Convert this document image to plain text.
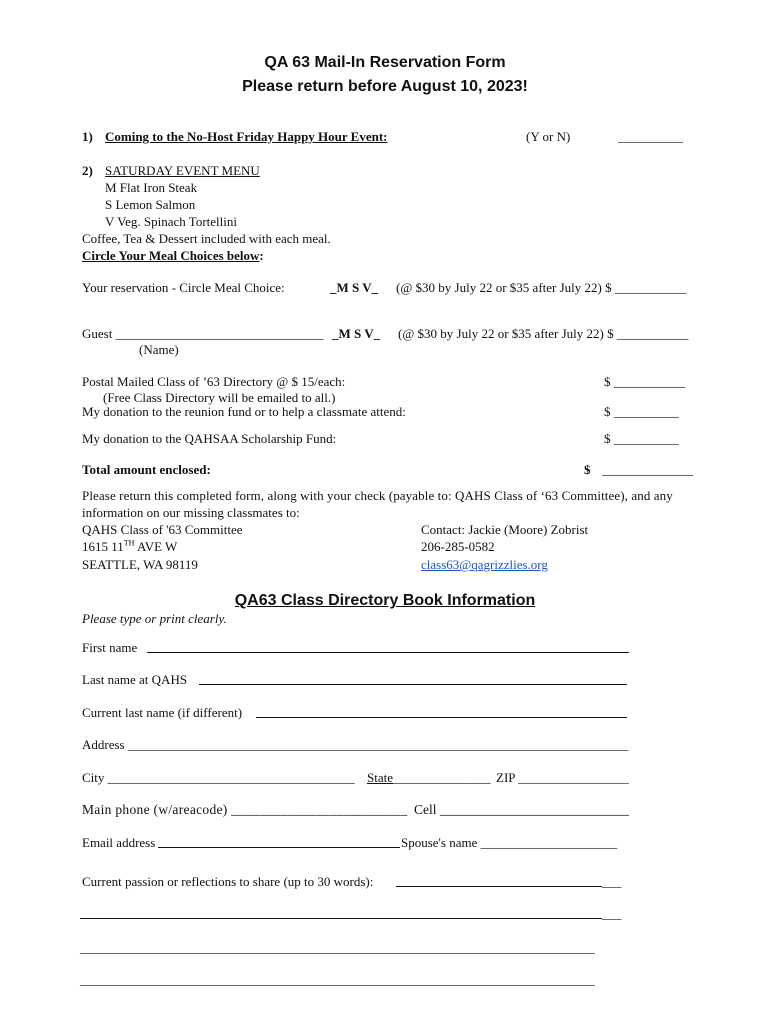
QA 63 Mail-In Reservation Form
Please return before August 10, 2023!
1) Coming to the No-Host Friday Happy Hour Event:	(Y or N)	__________
2) SATURDAY EVENT MENU
M Flat Iron Steak
S Lemon Salmon
V Veg. Spinach Tortellini
Coffee, Tea & Dessert included with each meal.
Circle Your Meal Choices below:
Your reservation - Circle Meal Choice:	_M S V_ (@ $30 by July 22 or $35 after July 22) $ ___________
Guest ________________________________ _M S V_ (@ $30 by July 22 or $35 after July 22) $ ___________
(Name)
Postal Mailed Class of ’63 Directory @ $ 15/each:	$ ___________
(Free Class Directory will be emailed to all.)
My donation to the reunion fund or to help a classmate attend:	$ __________
My donation to the QAHSAA Scholarship Fund:	$ __________
Total amount enclosed:	$ ______________
Please return this completed form, along with your check (payable to: QAHS Class of ‘63 Committee), and any
information on our missing classmates to:
QAHS Class of '63 Committee
1615 11TH AVE W
SEATTLE, WA 98119
Contact: Jackie (Moore) Zobrist
206-285-0582
class63@qagrizzlies.org
QA63 Class Directory Book Information
Please type or print clearly.
First name
Last name at QAHS
Current last name (if different)
Address _____________________________________________________________________________
City ______________________________________ State_______________ ZIP _________________
Main phone (w/areacode) _________________________ Cell ____________________________
Email address	Spouse's name _____________________
Current passion or reflections to share (up to 30 words):	___
___
_____________________________________________________________________________________
_____________________________________________________________________________________
